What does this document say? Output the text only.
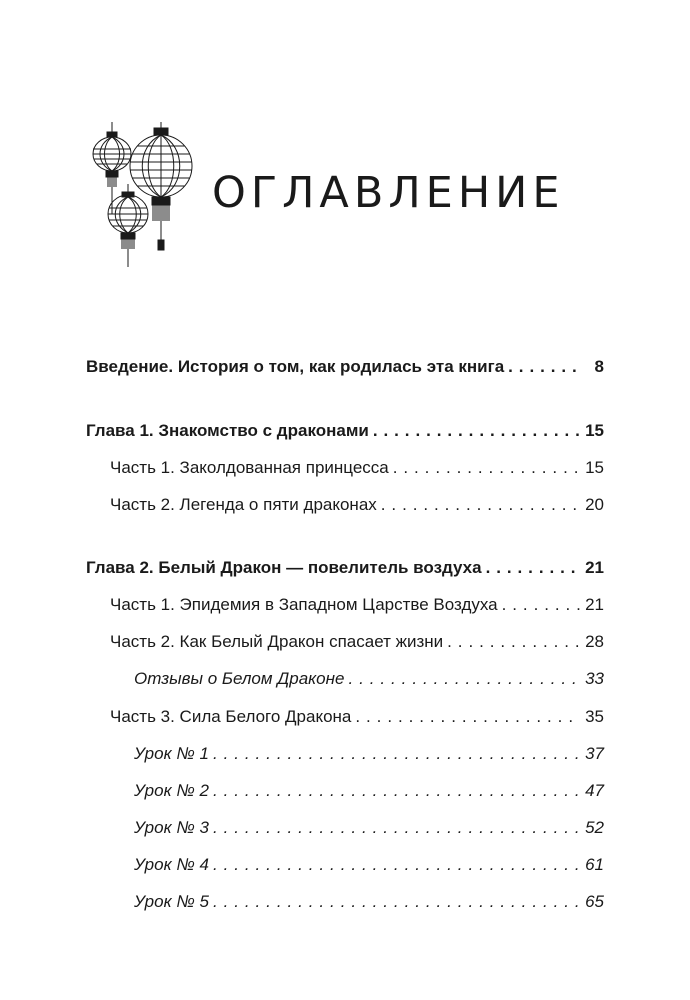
ОГЛАВЛЕНИЕ
Введение. История о том, как родилась эта книга . . .	8
Глава 1. Знакомство с драконами . . .	15
Часть 1. Заколдованная принцесса . . .	15
Часть 2. Легенда о пяти драконах . . .	20
Глава 2. Белый Дракон — повелитель воздуха . . .	21
Часть 1. Эпидемия в Западном Царстве Воздуха . . .	21
Часть 2. Как Белый Дракон спасает жизни . . .	28
Отзывы о Белом Драконе . . .	33
Часть 3. Сила Белого Дракона . . .	35
Урок № 1 . . .	37
Урок № 2 . . .	47
Урок № 3 . . .	52
Урок № 4 . . .	61
Урок № 5 . . .	65
